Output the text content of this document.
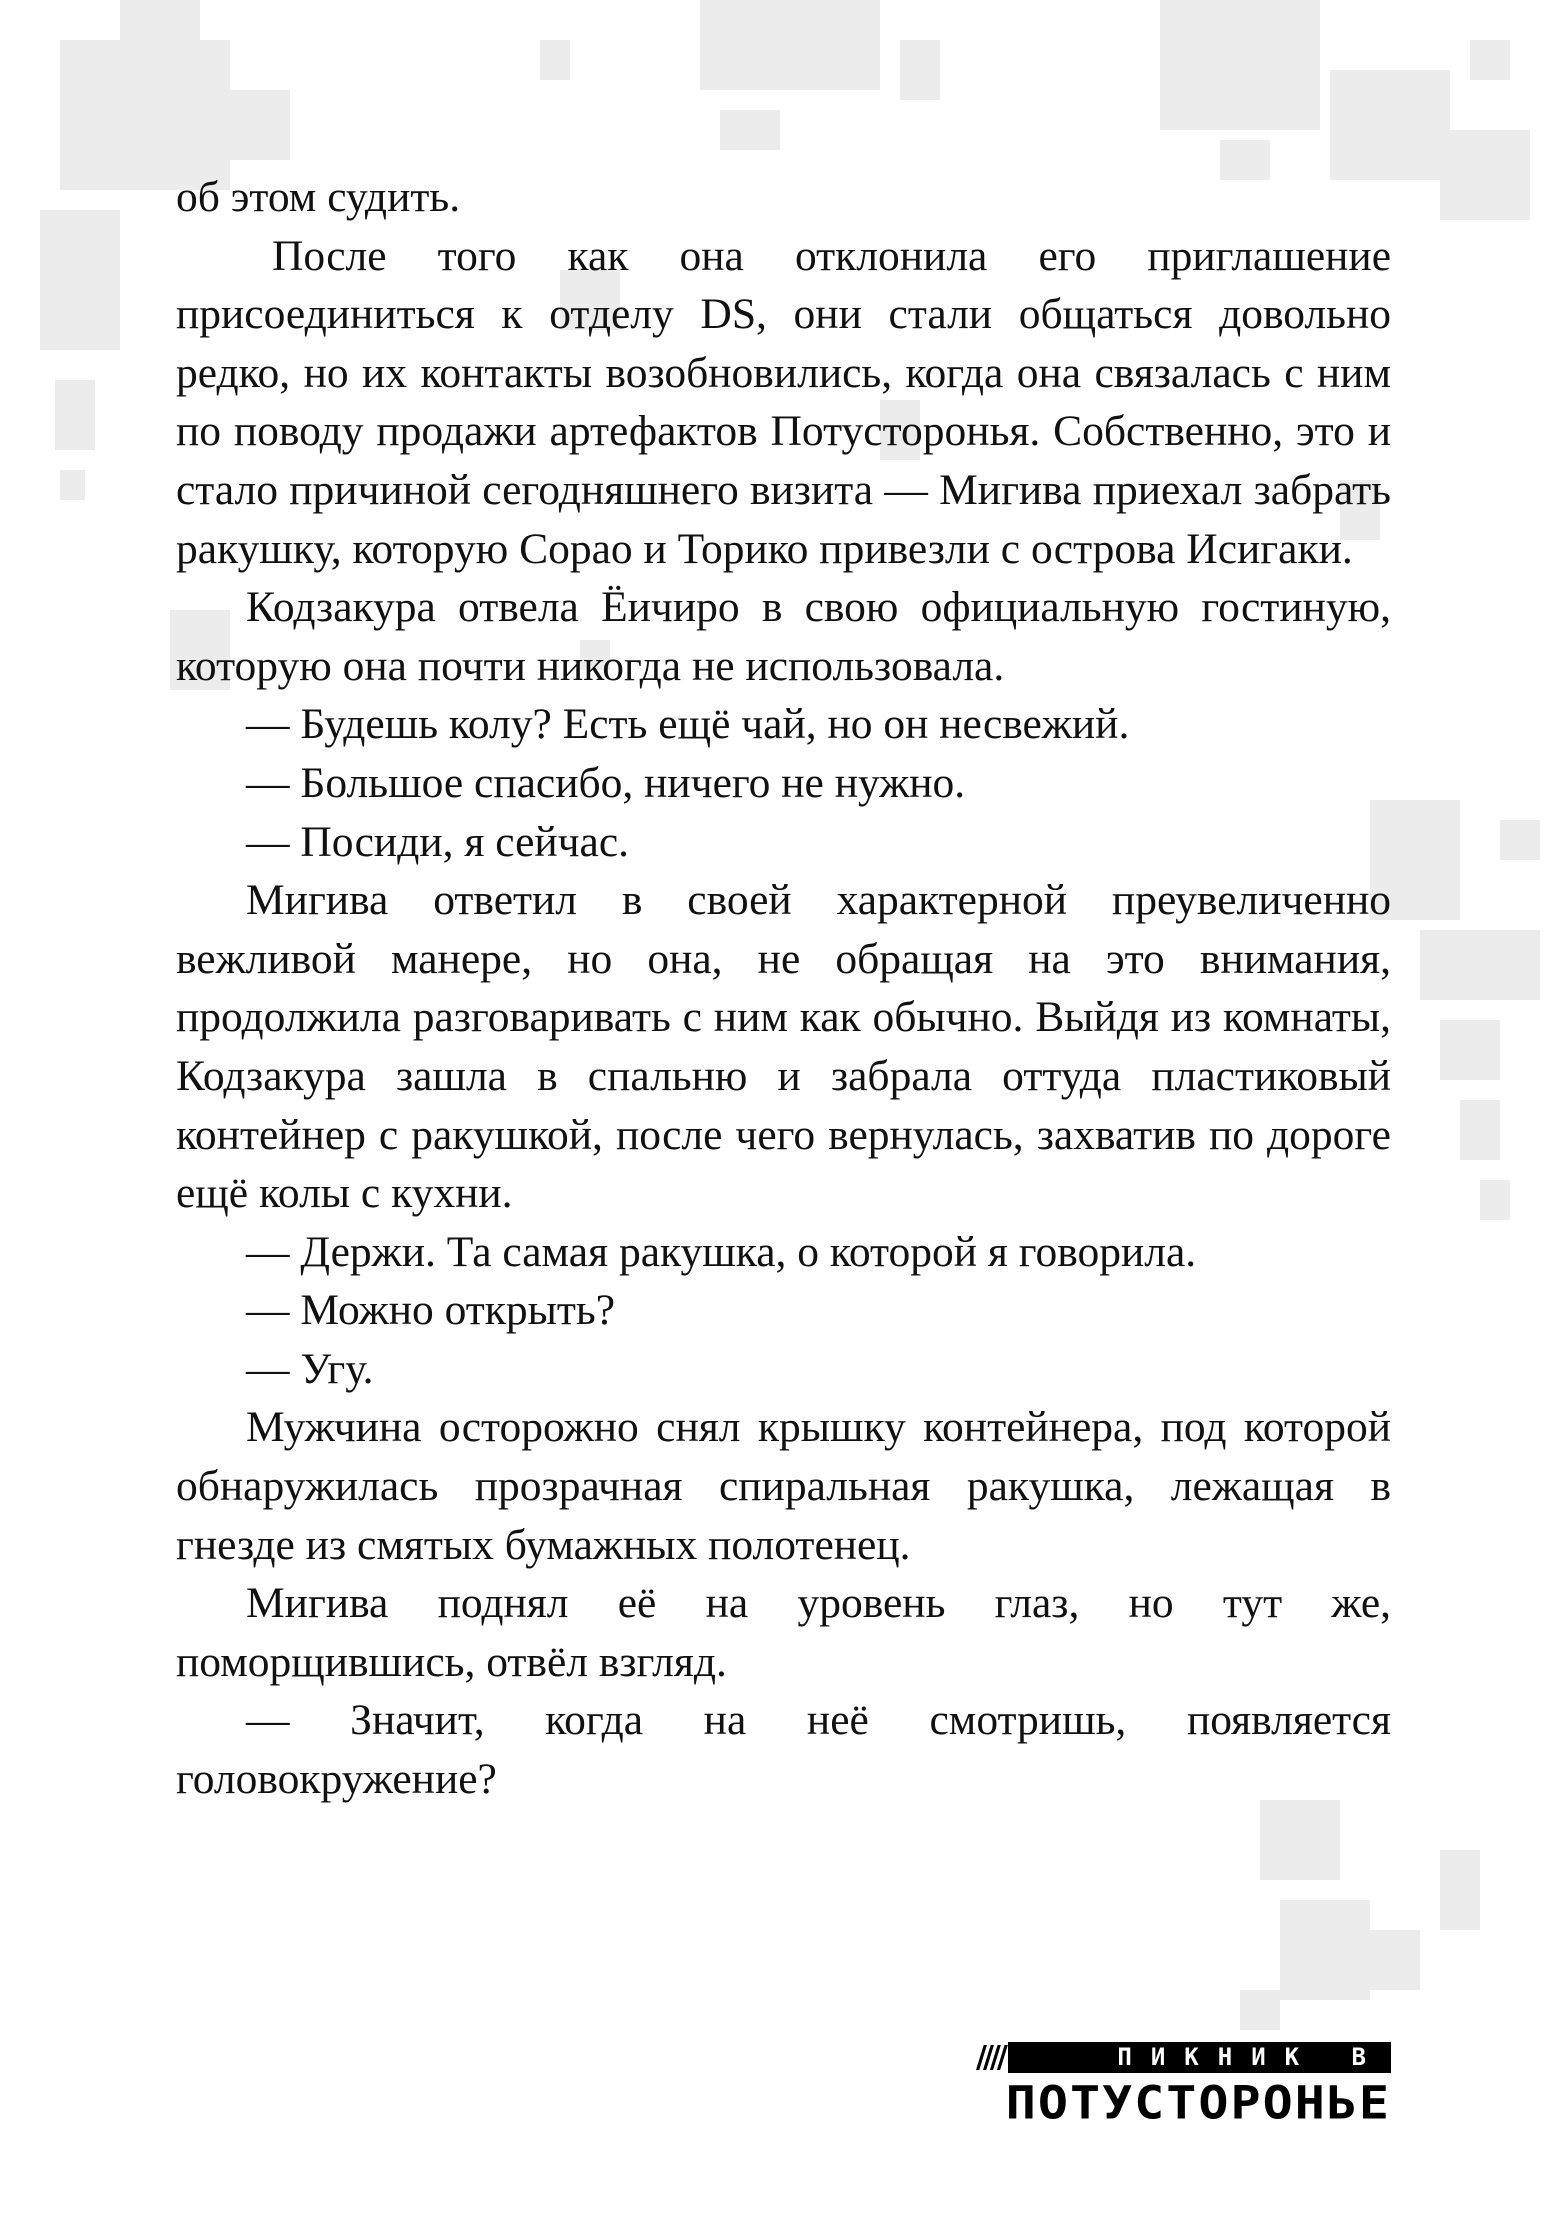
об этом судить.

После того как она отклонила его приглашение присоединиться к отделу DS, они стали общаться довольно редко, но их контакты возобновились, когда она связалась с ним по поводу продажи артефактов Потусторонья. Собственно, это и стало причиной сегодняшнего визита — Мигива приехал забрать ракушку, которую Сорао и Торико привезли с острова Исигаки.

Кодзакура отвела Ёичиро в свою официальную гостиную, которую она почти никогда не использовала.

— Будешь колу? Есть ещё чай, но он несвежий.

— Большое спасибо, ничего не нужно.

— Посиди, я сейчас.

Мигива ответил в своей характерной преувеличенно вежливой манере, но она, не обращая на это внимания, продолжила разговаривать с ним как обычно. Выйдя из комнаты, Кодзакура зашла в спальню и забрала оттуда пластиковый контейнер с ракушкой, после чего вернулась, захватив по дороге ещё колы с кухни.

— Держи. Та самая ракушка, о которой я говорила.

— Можно открыть?

— Угу.

Мужчина осторожно снял крышку контейнера, под которой обнаружилась прозрачная спиральная ракушка, лежащая в гнезде из смятых бумажных полотенец.

Мигива поднял её на уровень глаз, но тут же, поморщившись, отвёл взгляд.

— Значит, когда на неё смотришь, появляется головокружение?

////	ПИКНИК В
ПОТУСТОРОНЬЕ
